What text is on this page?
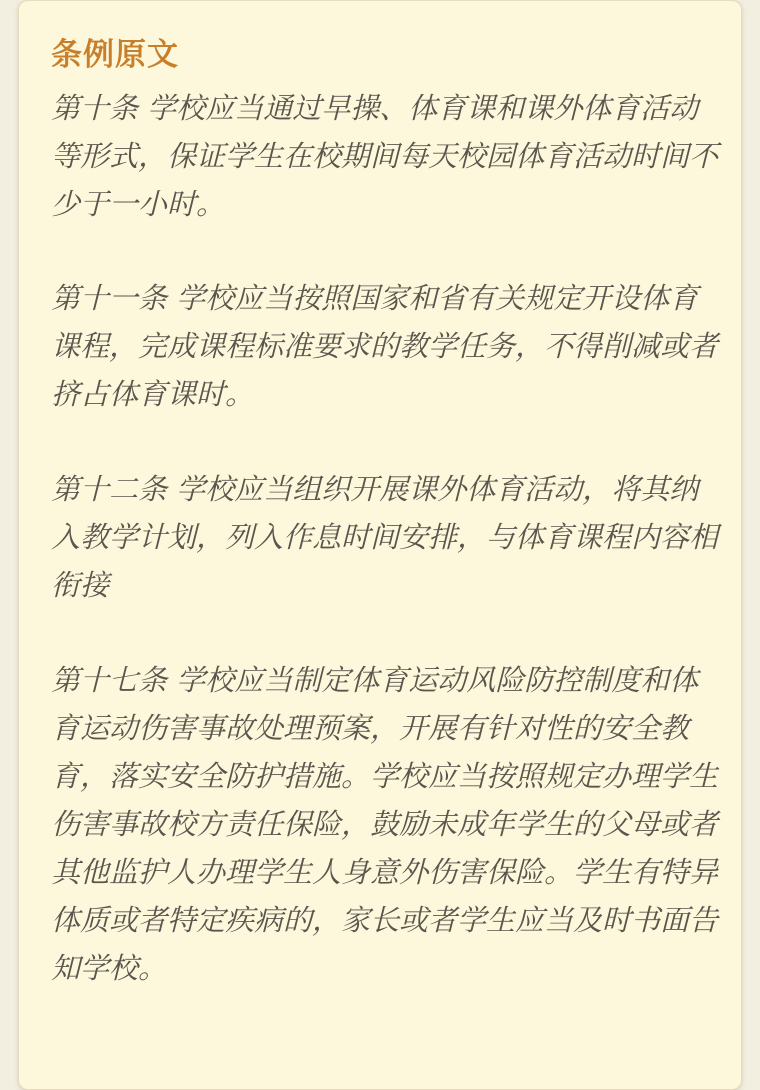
条例原文

第十条 学校应当通过早操、体育课和课外体育活动等形式，保证学生在校期间每天校园体育活动时间不少于一小时。

第十一条 学校应当按照国家和省有关规定开设体育课程，完成课程标准要求的教学任务，不得削减或者挤占体育课时。

第十二条 学校应当组织开展课外体育活动，将其纳入教学计划，列入作息时间安排，与体育课程内容相衔接

第十七条 学校应当制定体育运动风险防控制度和体育运动伤害事故处理预案，开展有针对性的安全教育，落实安全防护措施。学校应当按照规定办理学生伤害事故校方责任保险，鼓励未成年学生的父母或者其他监护人办理学生人身意外伤害保险。学生有特异体质或者特定疾病的，家长或者学生应当及时书面告知学校。
